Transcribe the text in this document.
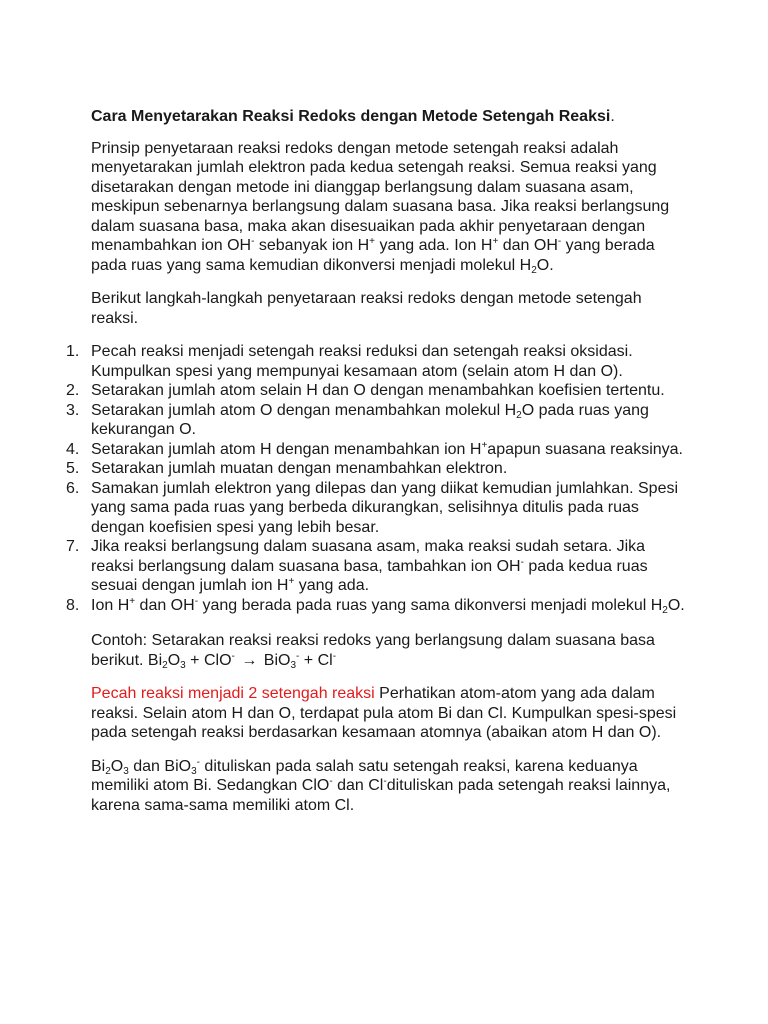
Cara Menyetarakan Reaksi Redoks dengan Metode Setengah Reaksi.

Prinsip penyetaraan reaksi redoks dengan metode setengah reaksi adalah menyetarakan jumlah elektron pada kedua setengah reaksi. Semua reaksi yang disetarakan dengan metode ini dianggap berlangsung dalam suasana asam, meskipun sebenarnya berlangsung dalam suasana basa. Jika reaksi berlangsung dalam suasana basa, maka akan disesuaikan pada akhir penyetaraan dengan menambahkan ion OH- sebanyak ion H+ yang ada. Ion H+ dan OH- yang berada pada ruas yang sama kemudian dikonversi menjadi molekul $H_2O$.

Berikut langkah-langkah penyetaraan reaksi redoks dengan metode setengah reaksi.

1. Pecah reaksi menjadi setengah reaksi reduksi dan setengah reaksi oksidasi. Kumpulkan spesi yang mempunyai kesamaan atom (selain atom H dan O).
2. Setarakan jumlah atom selain H dan O dengan menambahkan koefisien tertentu.
3. Setarakan jumlah atom O dengan menambahkan molekul $H_2O$ pada ruas yang kekurangan O.
4. Setarakan jumlah atom H dengan menambahkan ion H+apapun suasana reaksinya.
5. Setarakan jumlah muatan dengan menambahkan elektron.
6. Samakan jumlah elektron yang dilepas dan yang diikat kemudian jumlahkan. Spesi yang sama pada ruas yang berbeda dikurangkan, selisihnya ditulis pada ruas dengan koefisien spesi yang lebih besar.
7. Jika reaksi berlangsung dalam suasana asam, maka reaksi sudah setara. Jika reaksi berlangsung dalam suasana basa, tambahkan ion OH- pada kedua ruas sesuai dengan jumlah ion H+ yang ada.
8. Ion H+ dan OH- yang berada pada ruas yang sama dikonversi menjadi molekul $H_2O$.

Contoh: Setarakan reaksi reaksi redoks yang berlangsung dalam suasana basa berikut. $Bi_2O_3 + ClO^- \to BiO_3^- + Cl^-$

Pecah reaksi menjadi 2 setengah reaksi Perhatikan atom-atom yang ada dalam reaksi. Selain atom H dan O, terdapat pula atom Bi dan Cl. Kumpulkan spesi-spesi pada setengah reaksi berdasarkan kesamaan atomnya (abaikan atom H dan O).

$Bi_2O_3$ dan BiO$_3$- dituliskan pada salah satu setengah reaksi, karena keduanya memiliki atom Bi. Sedangkan ClO- dan Cl-dituliskan pada setengah reaksi lainnya, karena sama-sama memiliki atom Cl.
